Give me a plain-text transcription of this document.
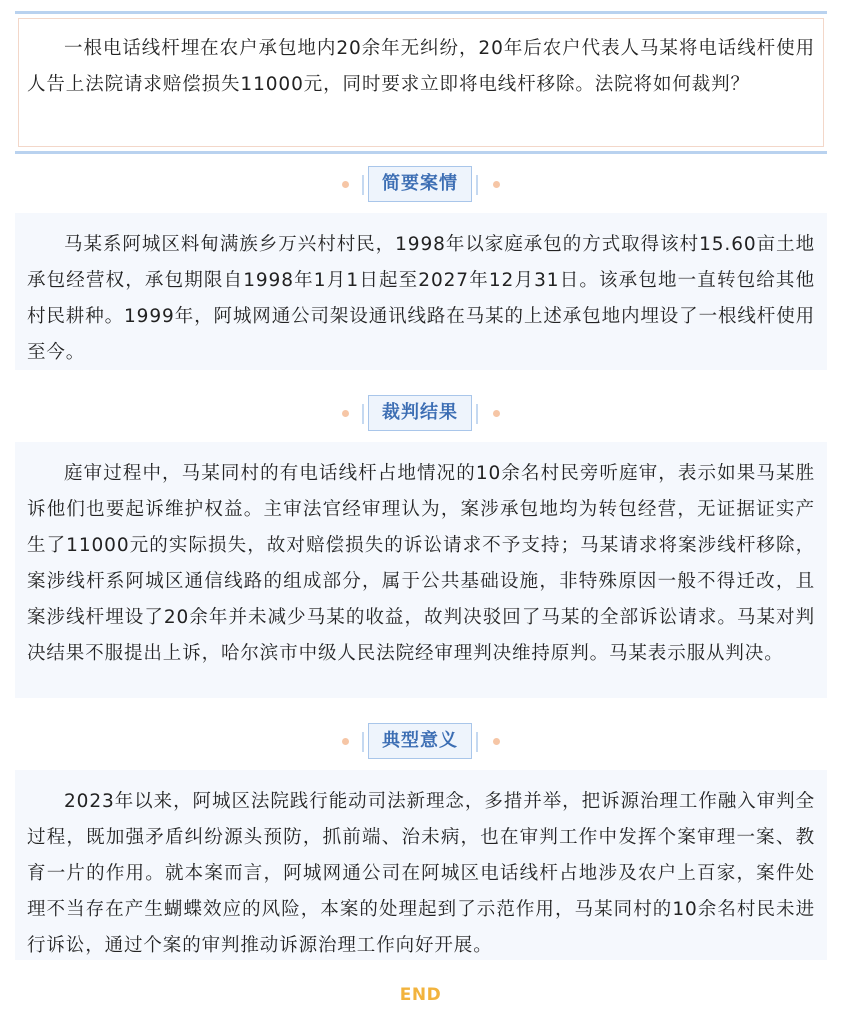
一根电话线杆埋在农户承包地内20余年无纠纷，20年后农户代表人马某将电话线杆使用人告上法院请求赔偿损失11000元，同时要求立即将电线杆移除。法院将如何裁判？

简要案情

马某系阿城区料甸满族乡万兴村村民，1998年以家庭承包的方式取得该村15.60亩土地承包经营权，承包期限自1998年1月1日起至2027年12月31日。该承包地一直转包给其他村民耕种。1999年，阿城网通公司架设通讯线路在马某的上述承包地内埋设了一根线杆使用至今。

裁判结果

庭审过程中，马某同村的有电话线杆占地情况的10余名村民旁听庭审，表示如果马某胜诉他们也要起诉维护权益。主审法官经审理认为，案涉承包地均为转包经营，无证据证实产生了11000元的实际损失，故对赔偿损失的诉讼请求不予支持；马某请求将案涉线杆移除，案涉线杆系阿城区通信线路的组成部分，属于公共基础设施，非特殊原因一般不得迁改，且案涉线杆埋设了20余年并未减少马某的收益，故判决驳回了马某的全部诉讼请求。马某对判决结果不服提出上诉，哈尔滨市中级人民法院经审理判决维持原判。马某表示服从判决。

典型意义

2023年以来，阿城区法院践行能动司法新理念，多措并举，把诉源治理工作融入审判全过程，既加强矛盾纠纷源头预防，抓前端、治未病，也在审判工作中发挥个案审理一案、教育一片的作用。就本案而言，阿城网通公司在阿城区电话线杆占地涉及农户上百家，案件处理不当存在产生蝴蝶效应的风险，本案的处理起到了示范作用，马某同村的10余名村民未进行诉讼，通过个案的审判推动诉源治理工作向好开展。

END
